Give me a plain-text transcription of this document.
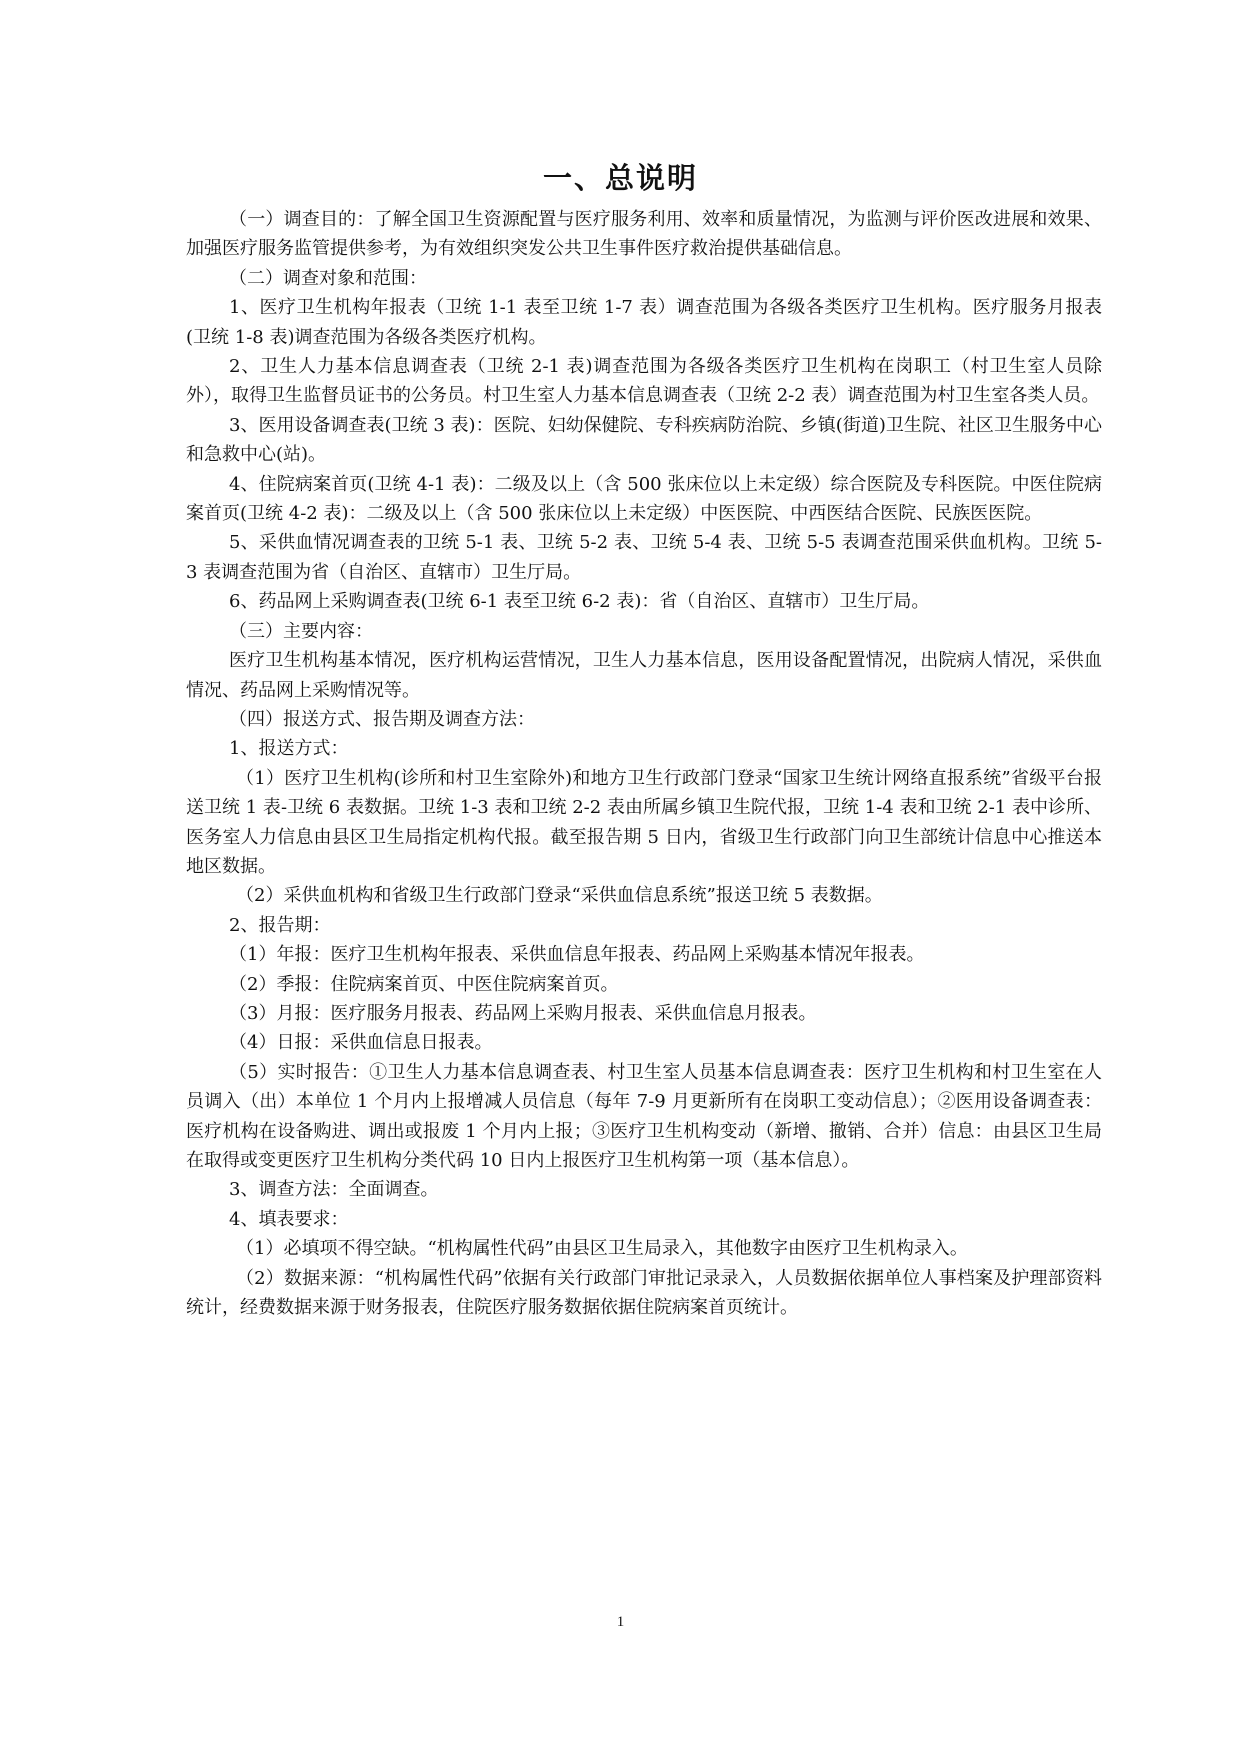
一、总说明

（一）调查目的：了解全国卫生资源配置与医疗服务利用、效率和质量情况，为监测与评价医改进展和效果、加强医疗服务监管提供参考，为有效组织突发公共卫生事件医疗救治提供基础信息。

（二）调查对象和范围：

1、医疗卫生机构年报表（卫统 1-1 表至卫统 1-7 表）调查范围为各级各类医疗卫生机构。医疗服务月报表(卫统 1-8 表)调查范围为各级各类医疗机构。

2、卫生人力基本信息调查表（卫统 2-1 表)调查范围为各级各类医疗卫生机构在岗职工（村卫生室人员除外），取得卫生监督员证书的公务员。村卫生室人力基本信息调查表（卫统 2-2 表）调查范围为村卫生室各类人员。

3、医用设备调查表(卫统 3 表)：医院、妇幼保健院、专科疾病防治院、乡镇(街道)卫生院、社区卫生服务中心和急救中心(站)。

4、住院病案首页(卫统 4-1 表)：二级及以上（含 500 张床位以上未定级）综合医院及专科医院。中医住院病案首页(卫统 4-2 表)：二级及以上（含 500 张床位以上未定级）中医医院、中西医结合医院、民族医医院。

5、采供血情况调查表的卫统 5-1 表、卫统 5-2 表、卫统 5-4 表、卫统 5-5 表调查范围采供血机构。卫统 5-3 表调查范围为省（自治区、直辖市）卫生厅局。

6、药品网上采购调查表(卫统 6-1 表至卫统 6-2 表)：省（自治区、直辖市）卫生厅局。

（三）主要内容：

医疗卫生机构基本情况，医疗机构运营情况，卫生人力基本信息，医用设备配置情况，出院病人情况，采供血情况、药品网上采购情况等。

（四）报送方式、报告期及调查方法：

1、报送方式：

（1）医疗卫生机构(诊所和村卫生室除外)和地方卫生行政部门登录“国家卫生统计网络直报系统”省级平台报送卫统 1 表-卫统 6 表数据。卫统 1-3 表和卫统 2-2 表由所属乡镇卫生院代报，卫统 1-4 表和卫统 2-1 表中诊所、医务室人力信息由县区卫生局指定机构代报。截至报告期 5 日内，省级卫生行政部门向卫生部统计信息中心推送本地区数据。

（2）采供血机构和省级卫生行政部门登录“采供血信息系统”报送卫统 5 表数据。

2、报告期：

（1）年报：医疗卫生机构年报表、采供血信息年报表、药品网上采购基本情况年报表。

（2）季报：住院病案首页、中医住院病案首页。

（3）月报：医疗服务月报表、药品网上采购月报表、采供血信息月报表。

（4）日报：采供血信息日报表。

（5）实时报告：①卫生人力基本信息调查表、村卫生室人员基本信息调查表：医疗卫生机构和村卫生室在人员调入（出）本单位 1 个月内上报增减人员信息（每年 7-9 月更新所有在岗职工变动信息）；②医用设备调查表：医疗机构在设备购进、调出或报废 1 个月内上报；③医疗卫生机构变动（新增、撤销、合并）信息：由县区卫生局在取得或变更医疗卫生机构分类代码 10 日内上报医疗卫生机构第一项（基本信息）。

3、调查方法：全面调查。

4、填表要求：

（1）必填项不得空缺。“机构属性代码”由县区卫生局录入，其他数字由医疗卫生机构录入。

（2）数据来源：“机构属性代码”依据有关行政部门审批记录录入，人员数据依据单位人事档案及护理部资料统计，经费数据来源于财务报表，住院医疗服务数据依据住院病案首页统计。

1
